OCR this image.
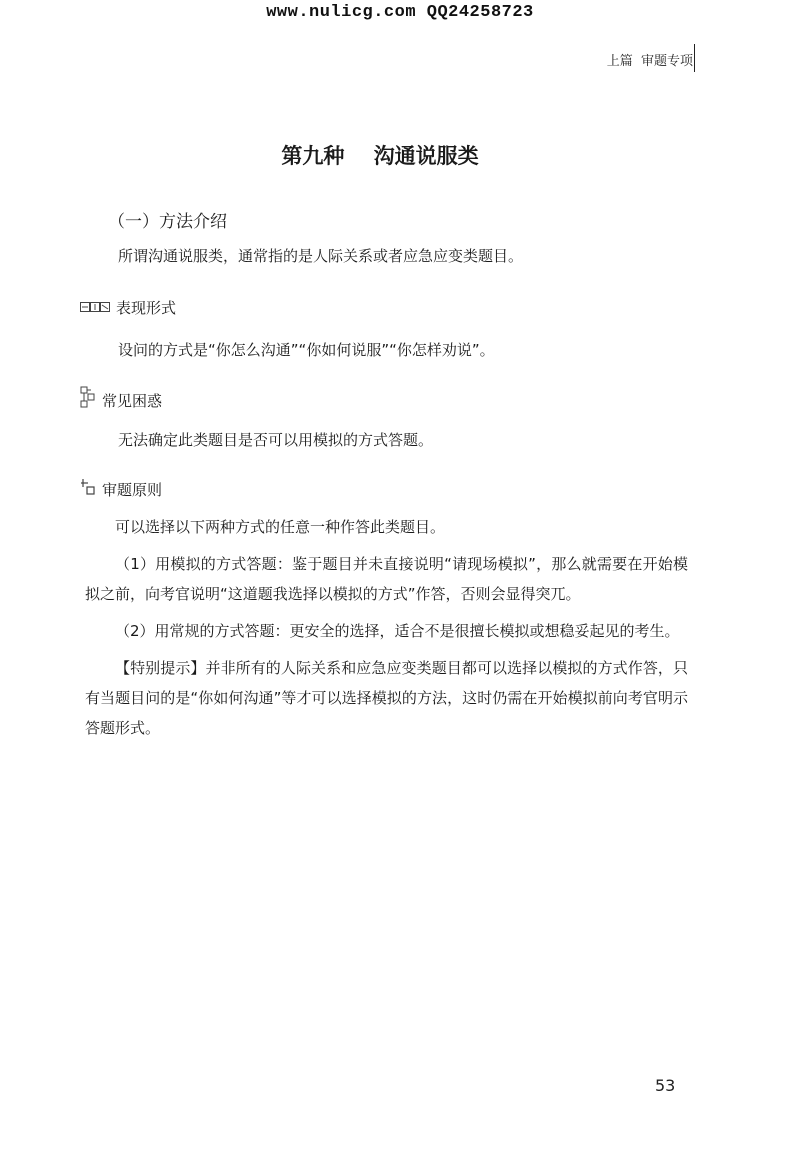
www.nulicg.com QQ24258723
上篇  审题专项
第九种    沟通说服类
（一）方法介绍
所谓沟通说服类，通常指的是人际关系或者应急应变类题目。
表现形式
设问的方式是“你怎么沟通”“你如何说服”“你怎样劝说”。
常见困惑
无法确定此类题目是否可以用模拟的方式答题。
审题原则

可以选择以下两种方式的任意一种作答此类题目。

（1）用模拟的方式答题：鉴于题目并未直接说明“请现场模拟”，那么就需要在开始模拟之前，向考官说明“这道题我选择以模拟的方式”作答，否则会显得突兀。

（2）用常规的方式答题：更安全的选择，适合不是很擅长模拟或想稳妥起见的考生。

【特别提示】并非所有的人际关系和应急应变类题目都可以选择以模拟的方式作答，只有当题目问的是“你如何沟通”等才可以选择模拟的方法，这时仍需在开始模拟前向考官明示答题形式。

53
